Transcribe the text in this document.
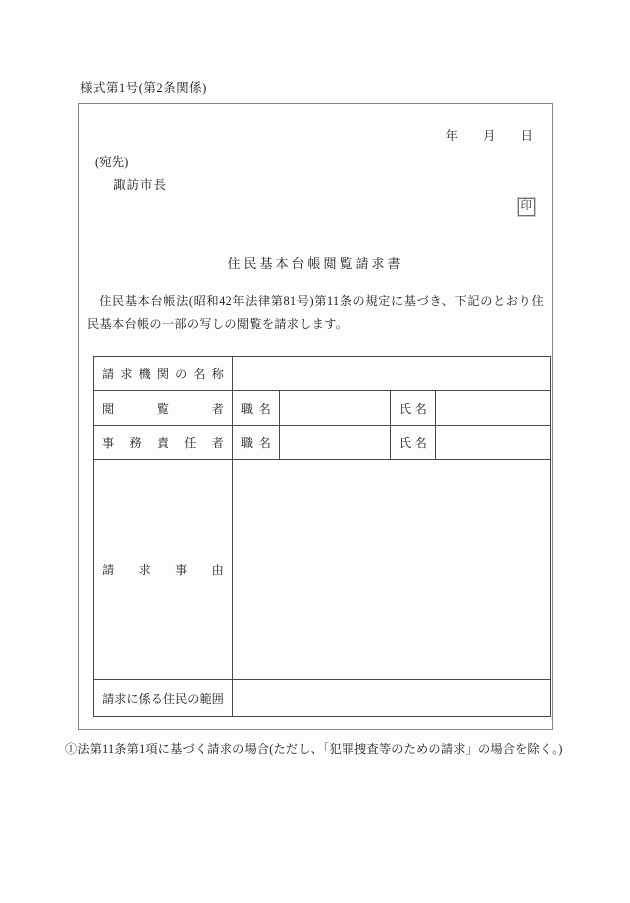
様式第1号(第2条関係)
年　　月　　日
(宛先)
諏訪市長
印
住民基本台帳閲覧請求書
住民基本台帳法(昭和42年法律第81号)第11条の規定に基づき、下記のとおり住民基本台帳の一部の写しの閲覧を請求します。
請 求 機 関 の 名 称				
閲 覧 者	職 名		氏 名	
事 務 責 任 者	職 名		氏 名	
請 求 事 由				
請求に係る住民の範囲				
①法第11条第1項に基づく請求の場合(ただし、「犯罪捜査等のための請求」の場合を除く。)
